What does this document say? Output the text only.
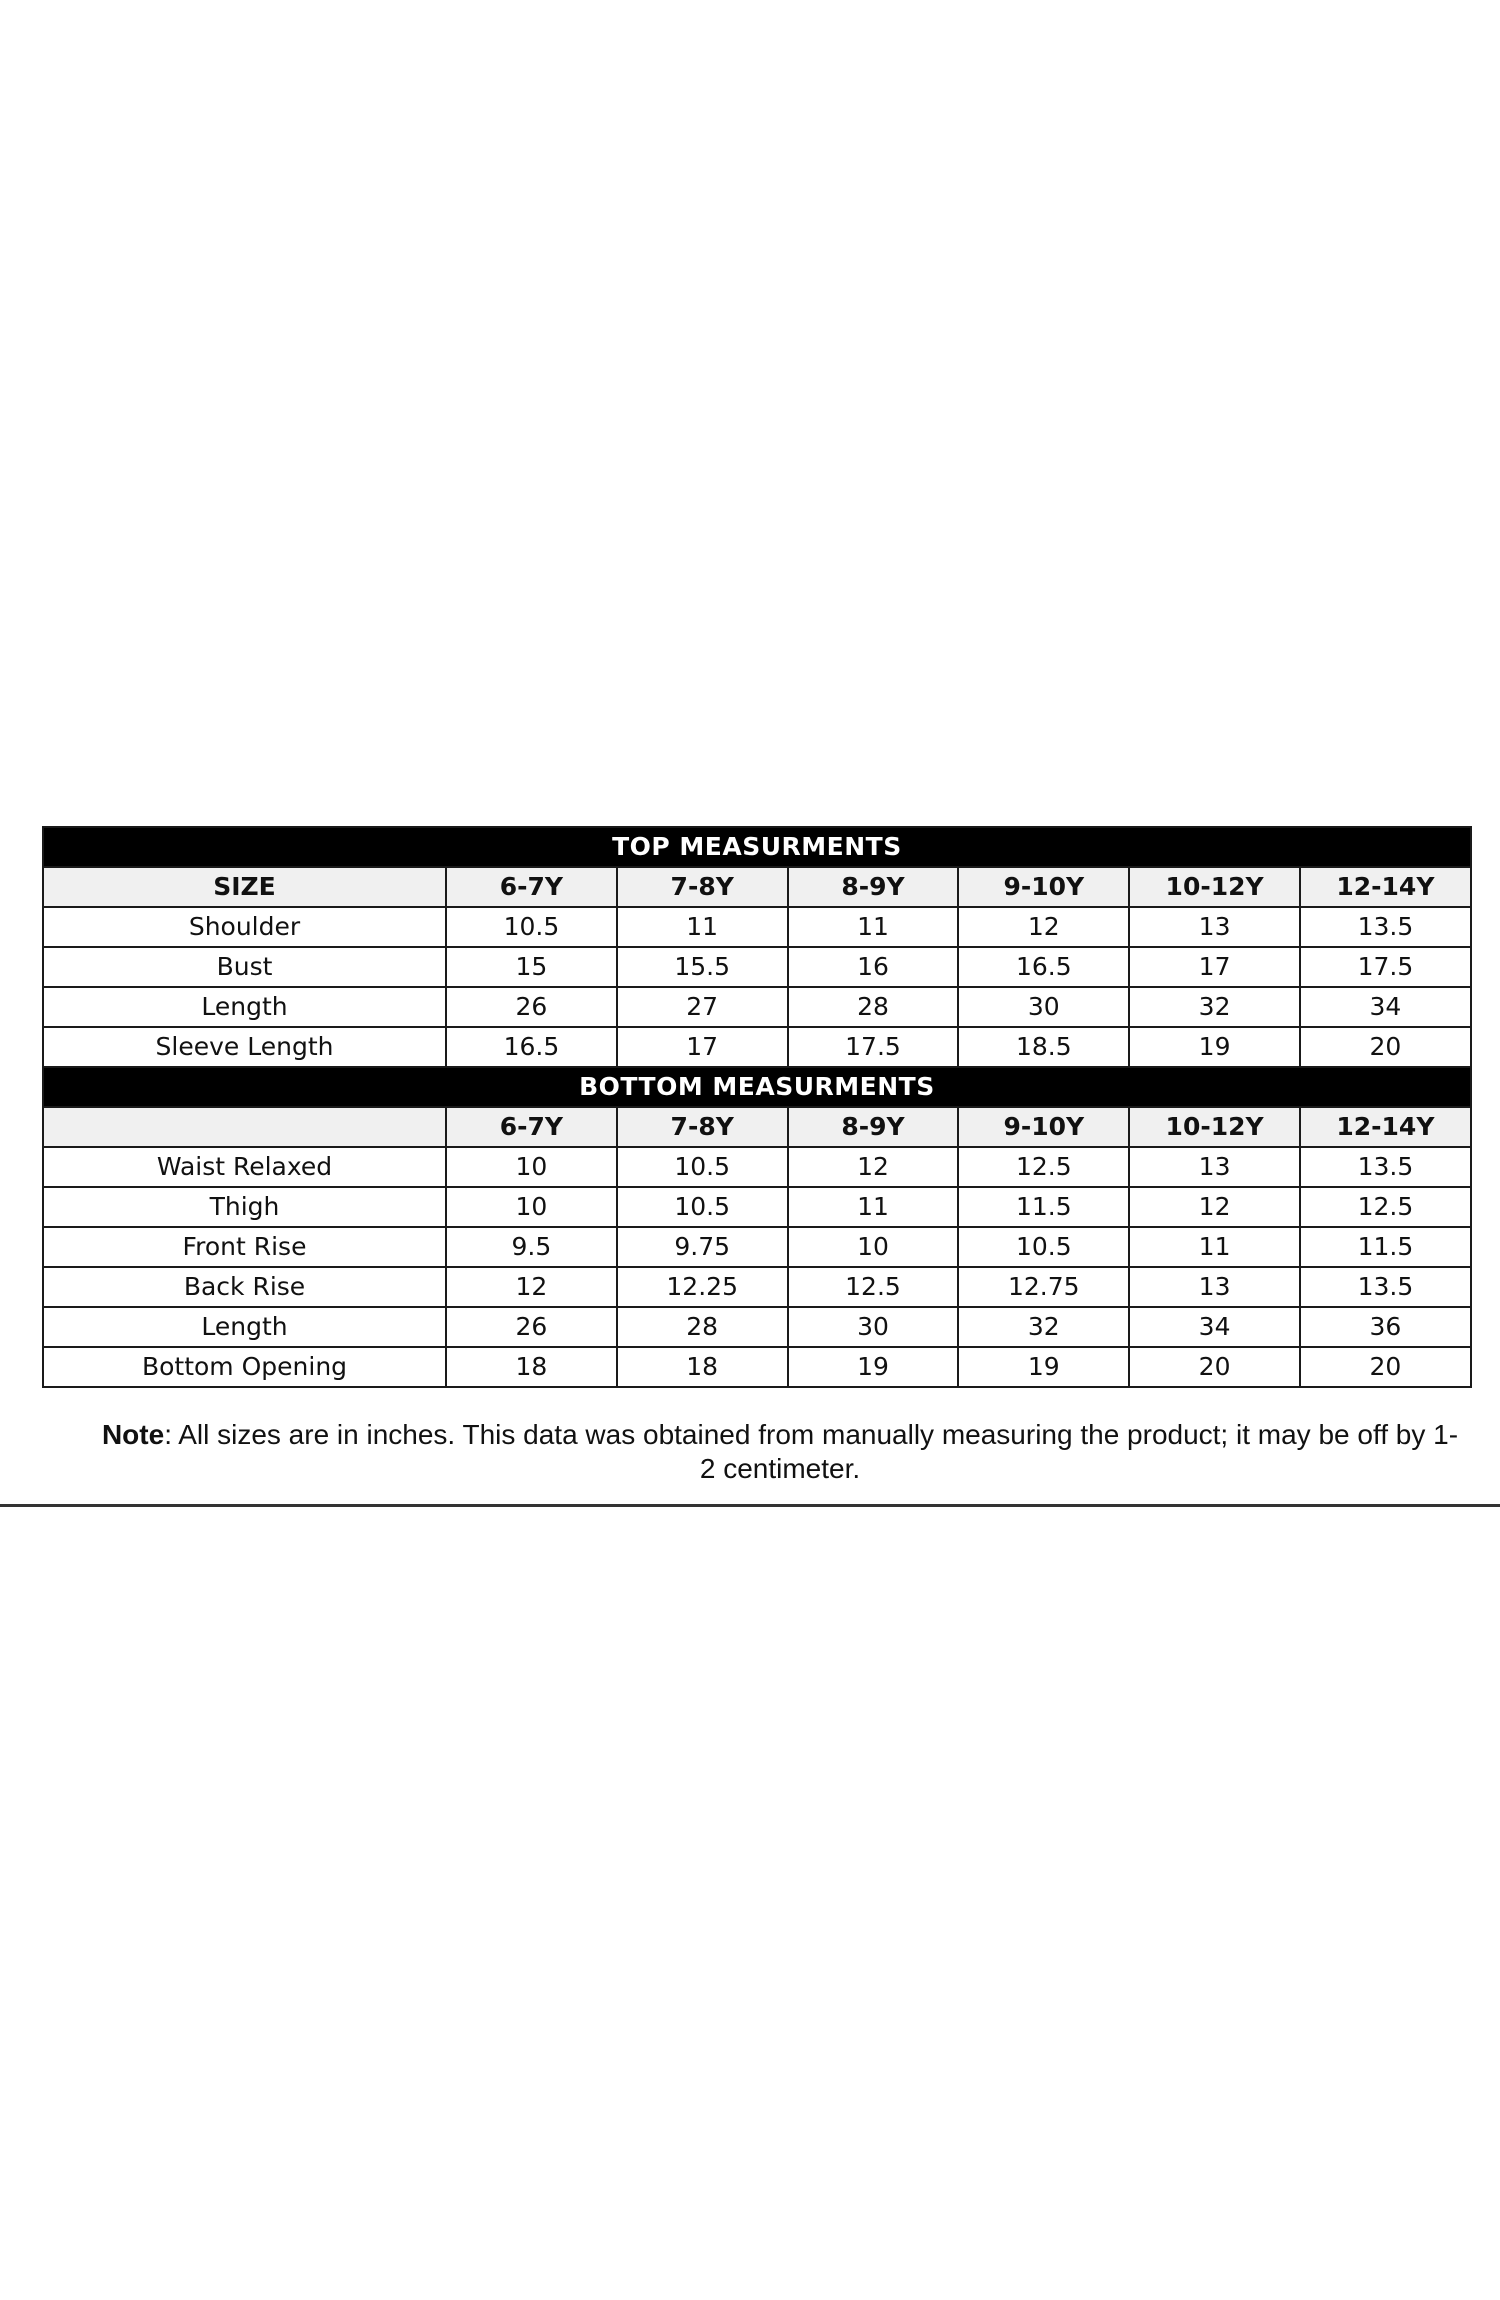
TOP MEASURMENTS						
SIZE	6-7Y	7-8Y	8-9Y	9-10Y	10-12Y	12-14Y
Shoulder	10.5	11	11	12	13	13.5
Bust	15	15.5	16	16.5	17	17.5
Length	26	27	28	30	32	34
Sleeve Length	16.5	17	17.5	18.5	19	20
BOTTOM MEASURMENTS						
	6-7Y	7-8Y	8-9Y	9-10Y	10-12Y	12-14Y
Waist Relaxed	10	10.5	12	12.5	13	13.5
Thigh	10	10.5	11	11.5	12	12.5
Front Rise	9.5	9.75	10	10.5	11	11.5
Back Rise	12	12.25	12.5	12.75	13	13.5
Length	26	28	30	32	34	36
Bottom Opening	18	18	19	19	20	20
Note: All sizes are in inches. This data was obtained from manually measuring the product; it may be off by 1-2 centimeter.
